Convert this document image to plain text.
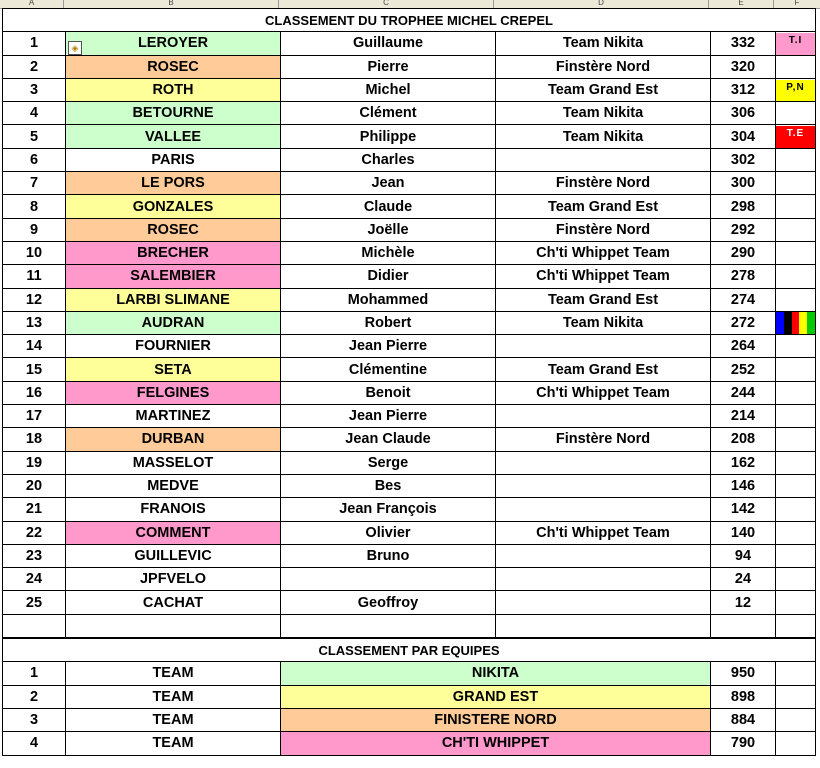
A	B	C	D	E	F
CLASSEMENT DU TROPHEE MICHEL CREPEL					
1	LEROYER	Guillaume	Team Nikita	332	T.I
2	ROSEC	Pierre	Finstère Nord	320	
3	ROTH	Michel	Team Grand Est	312	P,N
4	BETOURNE	Clément	Team Nikita	306	
5	VALLEE	Philippe	Team Nikita	304	T.E
6	PARIS	Charles		302	
7	LE PORS	Jean	Finstère Nord	300	
8	GONZALES	Claude	Team Grand Est	298	
9	ROSEC	Joëlle	Finstère Nord	292	
10	BRECHER	Michèle	Ch'ti Whippet Team	290	
11	SALEMBIER	Didier	Ch'ti Whippet Team	278	
12	LARBI SLIMANE	Mohammed	Team Grand Est	274	
13	AUDRAN	Robert	Team Nikita	272	

14	FOURNIER	Jean Pierre		264	
15	SETA	Clémentine	Team Grand Est	252	
16	FELGINES	Benoit	Ch'ti Whippet Team	244	
17	MARTINEZ	Jean Pierre		214	
18	DURBAN	Jean Claude	Finstère Nord	208	
19	MASSELOT	Serge		162	
20	MEDVE	Bes		146	
21	FRANOIS	Jean François		142	
22	COMMENT	Olivier	Ch'ti Whippet Team	140	
23	GUILLEVIC	Bruno		94	
24	JPFVELO			24	
25	CACHAT	Geoffroy		12	

CLASSEMENT PAR EQUIPES					
1	TEAM	NIKITA		950	
2	TEAM	GRAND EST		898	
3	TEAM	FINISTERE NORD		884	
4	TEAM	CH'TI WHIPPET		790	
◈
